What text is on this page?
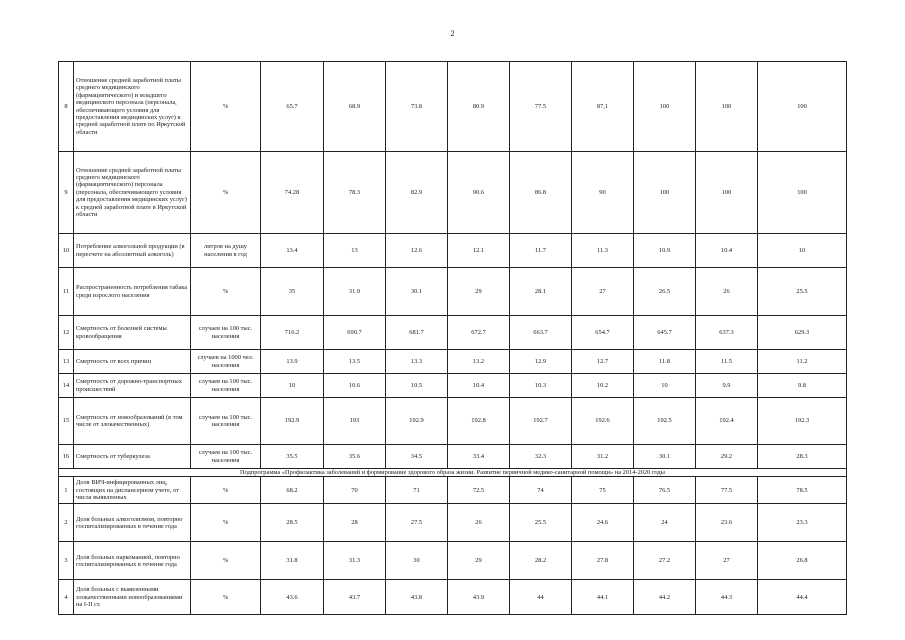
2
8	Отношение средней заработной платы среднего медицинского (фармацевтического) и младшего медицинского персонала (персонала, обеспечивающего условия для предоставления медицинских услуг) к средней заработной плате по Иркутской области	%	65.7	68.9	73.8	80.9	77.5	87,1	100	100	100
9	Отношение средней заработной платы среднего медицинского (фармацевтического) персонала (персонала, обеспечивающего условия для предоставления медицинских услуг) к средней заработной плате в Иркутской области	%	74.28	78.3	82.9	90.6	86.8	90	100	100	100
10	Потребление алкогольной продукции (в пересчете на абсолютный алкоголь)	литров на душу населения в год	13.4	13	12.6	12.1	11.7	11.3	10.9	10.4	10
11	Распространенность потребления табака среди взрослого населения	%	35	31.9	30.1	29	28.1	27	26.5	26	25.5
12	Смертность от болезней системы кровообращения	случаев на 100 тыс. населения	716.2	690.7	681.7	672.7	663.7	654.7	645.7	637.3	629.3
13	Смертность от всех причин	случаев на 1000 чел. населения	13.9	13.5	13.3	13.2	12.9	12.7	11.8	11.5	11.2
14	Смертность от дорожно-транспортных происшествий	случаев на 100 тыс. населения	10	10.6	10.5	10.4	10.3	10.2	10	9.9	9.8
15	Смертность от новообразований (в том числе от злокачественных)	случаев на 100 тыс. населения	192.9	193	192.9	192.8	192.7	192.6	192.5	192.4	192.3
16	Смертность от туберкулеза	случаев на 100 тыс. населения	35.5	35.6	34.5	33.4	32.3	31.2	30.1	29.2	28.3
Подпрограмма «Профилактика заболеваний и формирование здорового образа жизни. Развитие первичной медико-санитарной помощи» на 2014-2020 годы											
1	Доля ВИЧ-инфицированных лиц, состоящих на диспансерном учете, от числа выявленных	%	68.2	70	71	72.5	74	75	76.5	77.5	78.5
2	Доля больных алкоголизмом, повторно госпитализированных в течение года	%	28.5	28	27.5	26	25.5	24.6	24	23.6	23.3
3	Доля больных наркоманией, повторно госпитализированных в течение года	%	31.8	31.3	30	29	28.2	27.8	27.2	27	26.8
4	Доля больных с выявленными злокачественными новообразованиями на I-II ст.	%	43.6	43.7	43.8	43.9	44	44.1	44.2	44.3	44.4
